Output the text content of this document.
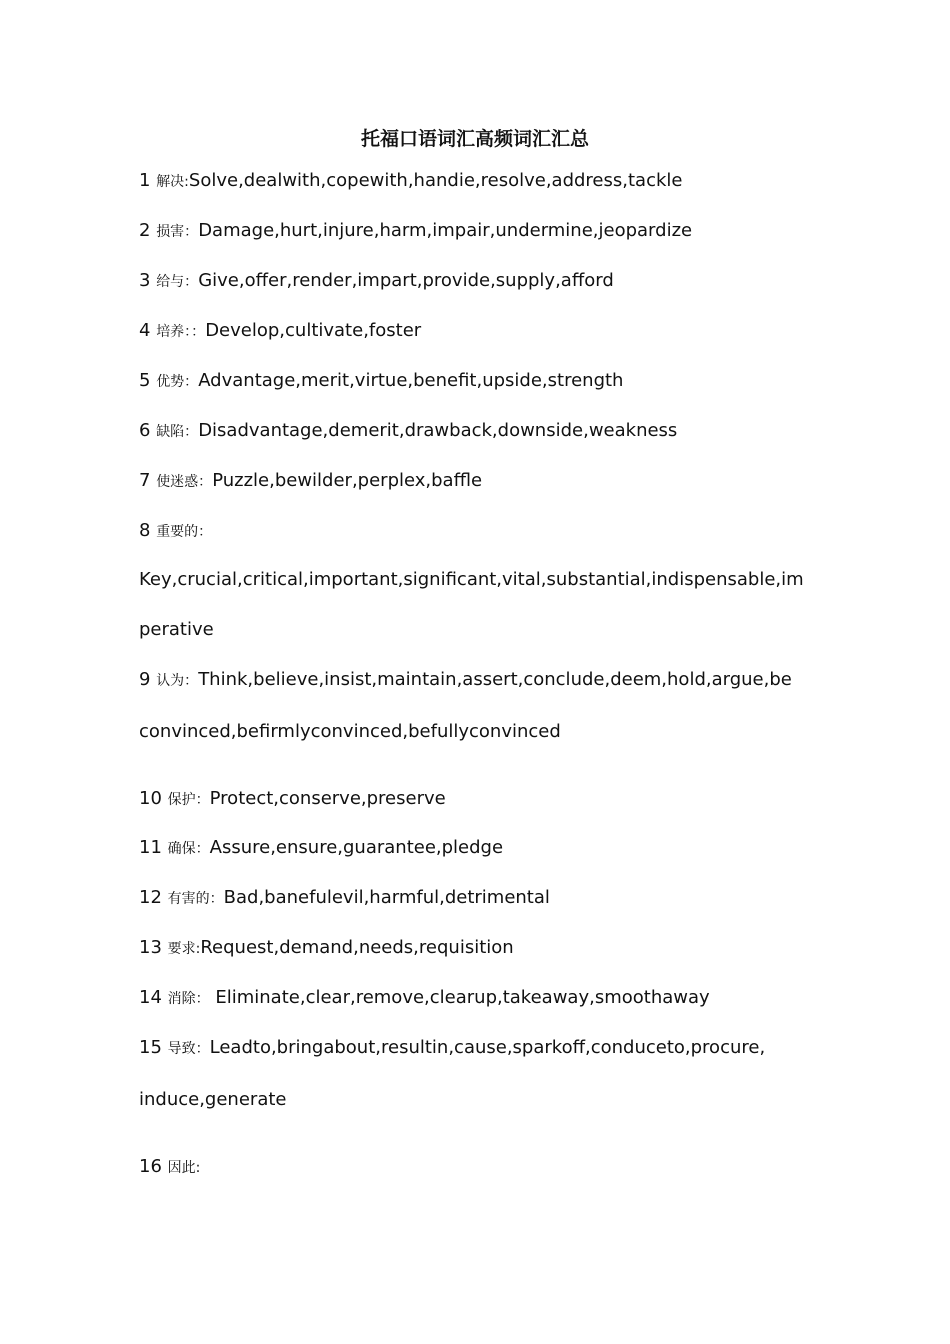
托福口语词汇高频词汇汇总
1 解决:Solve,dealwith,copewith,handie,resolve,address,tackle
2 损害：Damage,hurt,injure,harm,impair,undermine,jeopardize
3 给与：Give,offer,render,impart,provide,supply,afford
4 培养：：Develop,cultivate,foster
5 优势：Advantage,merit,virtue,benefit,upside,strength
6 缺陷：Disadvantage,demerit,drawback,downside,weakness
7 使迷惑：Puzzle,bewilder,perplex,baffle
8 重要的：
Key,crucial,critical,important,significant,vital,substantial,indispensable,im
perative
9 认为：Think,believe,insist,maintain,assert,conclude,deem,hold,argue,be
convinced,befirmlyconvinced,befullyconvinced
10 保护：Protect,conserve,preserve
11 确保：Assure,ensure,guarantee,pledge
12 有害的：Bad,banefulevil,harmful,detrimental
13 要求:Request,demand,needs,requisition
14 消除： Eliminate,clear,remove,clearup,takeaway,smoothaway
15 导致：Leadto,bringabout,resultin,cause,sparkoff,conduceto,procure,
induce,generate
16 因此:
